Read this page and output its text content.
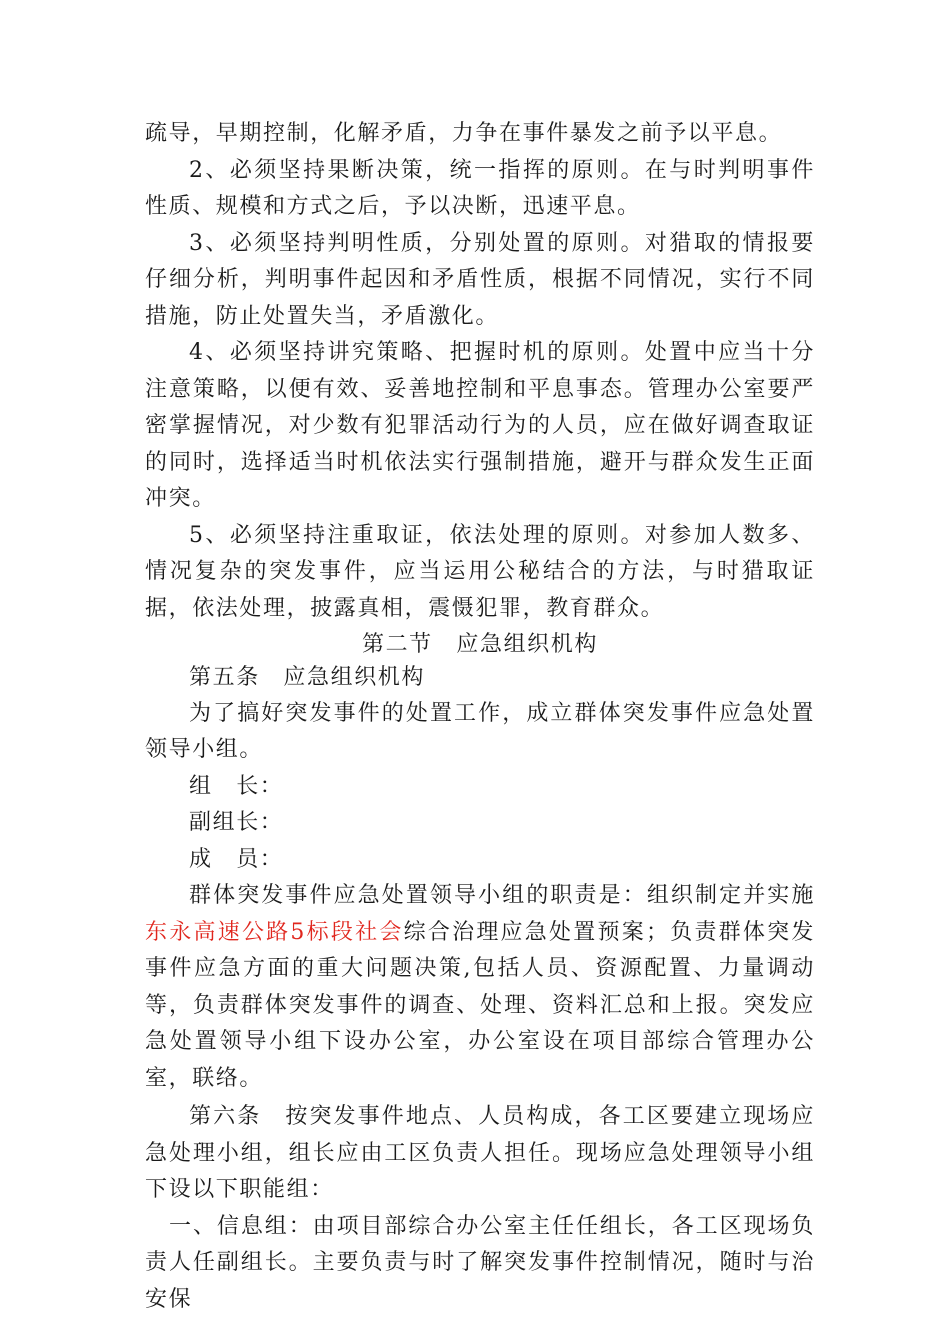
疏导，早期控制，化解矛盾，力争在事件暴发之前予以平息。

2、必须坚持果断决策，统一指挥的原则。在与时判明事件性质、规模和方式之后，予以决断，迅速平息。

3、必须坚持判明性质，分别处置的原则。对猎取的情报要仔细分析，判明事件起因和矛盾性质，根据不同情况，实行不同措施，防止处置失当，矛盾激化。

4、必须坚持讲究策略、把握时机的原则。处置中应当十分注意策略，以便有效、妥善地控制和平息事态。管理办公室要严密掌握情况，对少数有犯罪活动行为的人员，应在做好调查取证的同时，选择适当时机依法实行强制措施，避开与群众发生正面冲突。

5、必须坚持注重取证，依法处理的原则。对参加人数多、情况复杂的突发事件，应当运用公秘结合的方法，与时猎取证据，依法处理，披露真相，震慑犯罪，教育群众。

第二节　应急组织机构

第五条　应急组织机构

为了搞好突发事件的处置工作，成立群体突发事件应急处置领导小组。

组　长：

副组长：

成　员：

群体突发事件应急处置领导小组的职责是：组织制定并实施东永高速公路5标段社会综合治理应急处置预案；负责群体突发事件应急方面的重大问题决策,包括人员、资源配置、力量调动等，负责群体突发事件的调查、处理、资料汇总和上报。突发应急处置领导小组下设办公室，办公室设在项目部综合管理办公室，联络。

第六条　按突发事件地点、人员构成，各工区要建立现场应急处理小组，组长应由工区负责人担任。现场应急处理领导小组下设以下职能组：

一、信息组：由项目部综合办公室主任任组长，各工区现场负责人任副组长。主要负责与时了解突发事件控制情况，随时与治安保
